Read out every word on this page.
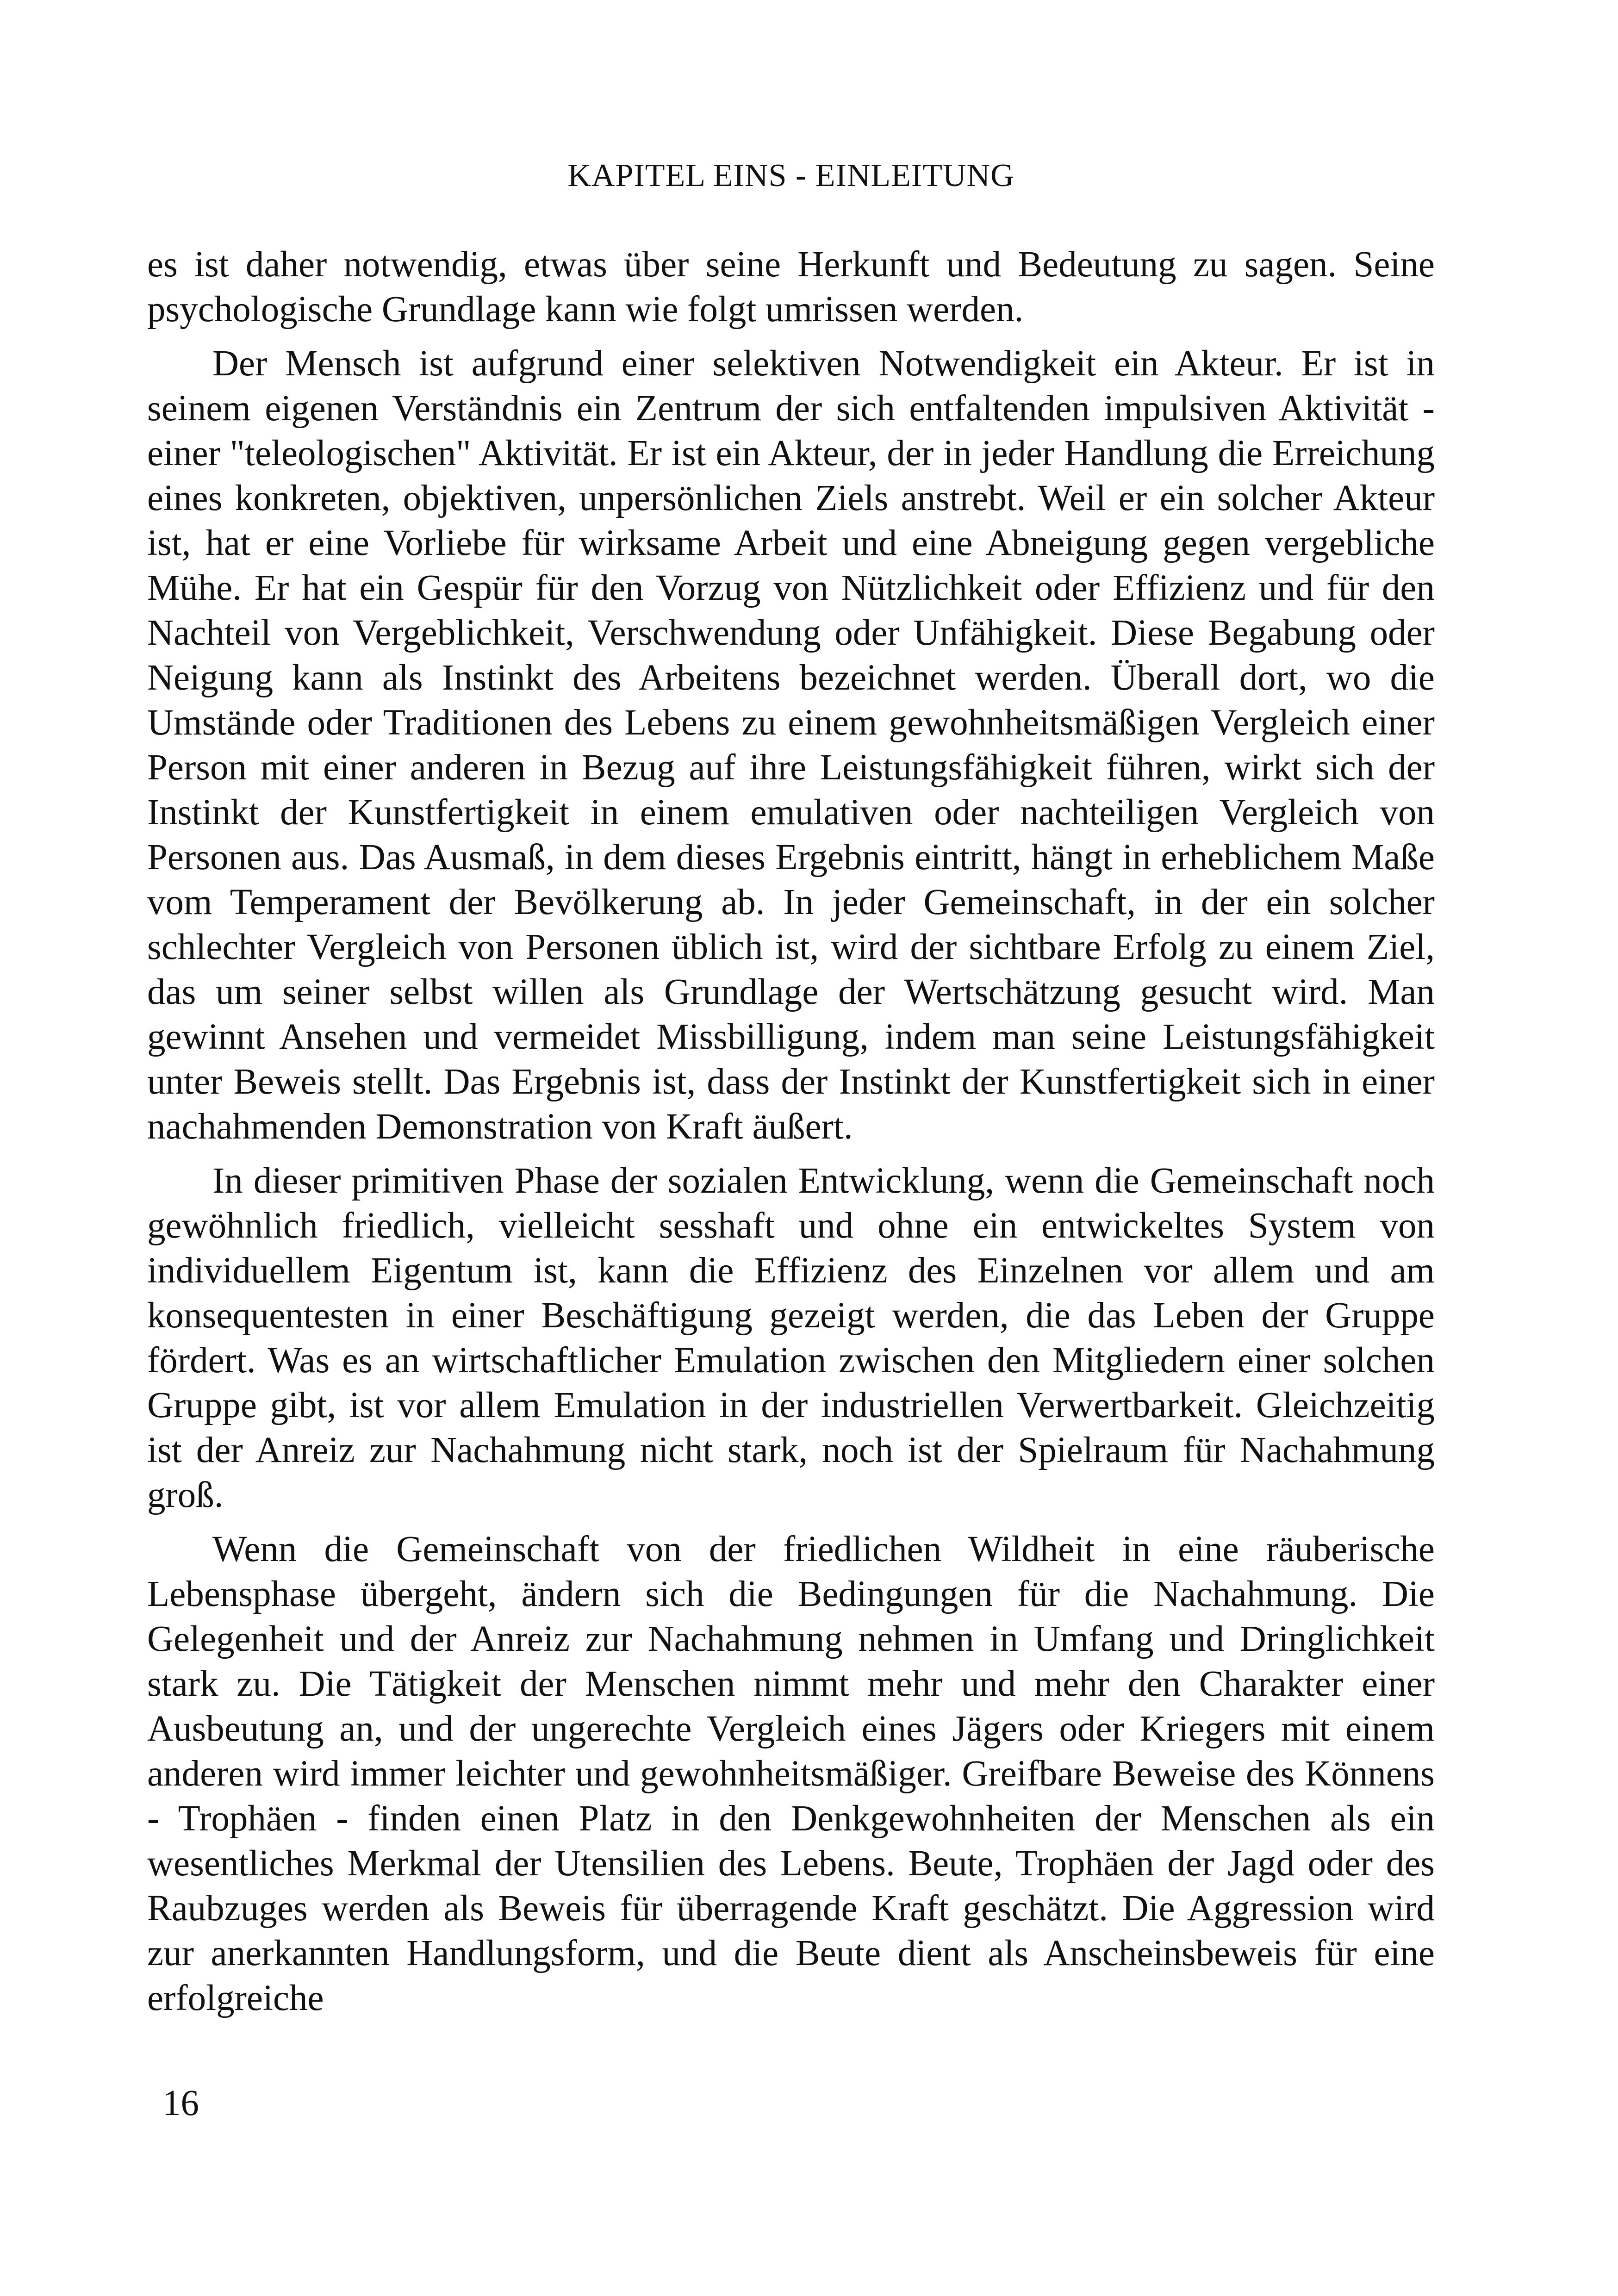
KAPITEL EINS - EINLEITUNG

es ist daher notwendig, etwas über seine Herkunft und Bedeutung zu sagen. Seine psychologische Grundlage kann wie folgt umrissen werden.

Der Mensch ist aufgrund einer selektiven Notwendigkeit ein Akteur. Er ist in seinem eigenen Verständnis ein Zentrum der sich entfaltenden impulsiven Aktivität - einer "teleologischen" Aktivität. Er ist ein Akteur, der in jeder Handlung die Erreichung eines konkreten, objektiven, unpersönlichen Ziels anstrebt. Weil er ein solcher Akteur ist, hat er eine Vorliebe für wirksame Arbeit und eine Abneigung gegen vergebliche Mühe. Er hat ein Gespür für den Vorzug von Nützlichkeit oder Effizienz und für den Nachteil von Vergeblichkeit, Verschwendung oder Unfähigkeit. Diese Begabung oder Neigung kann als Instinkt des Arbeitens bezeichnet werden. Überall dort, wo die Umstände oder Traditionen des Lebens zu einem gewohnheitsmäßigen Vergleich einer Person mit einer anderen in Bezug auf ihre Leistungsfähigkeit führen, wirkt sich der Instinkt der Kunstfertigkeit in einem emulativen oder nachteiligen Vergleich von Personen aus. Das Ausmaß, in dem dieses Ergebnis eintritt, hängt in erheblichem Maße vom Temperament der Bevölkerung ab. In jeder Gemeinschaft, in der ein solcher schlechter Vergleich von Personen üblich ist, wird der sichtbare Erfolg zu einem Ziel, das um seiner selbst willen als Grundlage der Wertschätzung gesucht wird. Man gewinnt Ansehen und vermeidet Missbilligung, indem man seine Leistungsfähigkeit unter Beweis stellt. Das Ergebnis ist, dass der Instinkt der Kunstfertigkeit sich in einer nachahmenden Demonstration von Kraft äußert.

In dieser primitiven Phase der sozialen Entwicklung, wenn die Gemeinschaft noch gewöhnlich friedlich, vielleicht sesshaft und ohne ein entwickeltes System von individuellem Eigentum ist, kann die Effizienz des Einzelnen vor allem und am konsequentesten in einer Beschäftigung gezeigt werden, die das Leben der Gruppe fördert. Was es an wirtschaftlicher Emulation zwischen den Mitgliedern einer solchen Gruppe gibt, ist vor allem Emulation in der industriellen Verwertbarkeit. Gleichzeitig ist der Anreiz zur Nachahmung nicht stark, noch ist der Spielraum für Nachahmung groß.

Wenn die Gemeinschaft von der friedlichen Wildheit in eine räuberische Lebensphase übergeht, ändern sich die Bedingungen für die Nachahmung. Die Gelegenheit und der Anreiz zur Nachahmung nehmen in Umfang und Dringlichkeit stark zu. Die Tätigkeit der Menschen nimmt mehr und mehr den Charakter einer Ausbeutung an, und der ungerechte Vergleich eines Jägers oder Kriegers mit einem anderen wird immer leichter und gewohnheitsmäßiger. Greifbare Beweise des Könnens - Trophäen - finden einen Platz in den Denkgewohnheiten der Menschen als ein wesentliches Merkmal der Utensilien des Lebens. Beute, Trophäen der Jagd oder des Raubzuges werden als Beweis für überragende Kraft geschätzt. Die Aggression wird zur anerkannten Handlungsform, und die Beute dient als Anscheinsbeweis für eine erfolgreiche

16
